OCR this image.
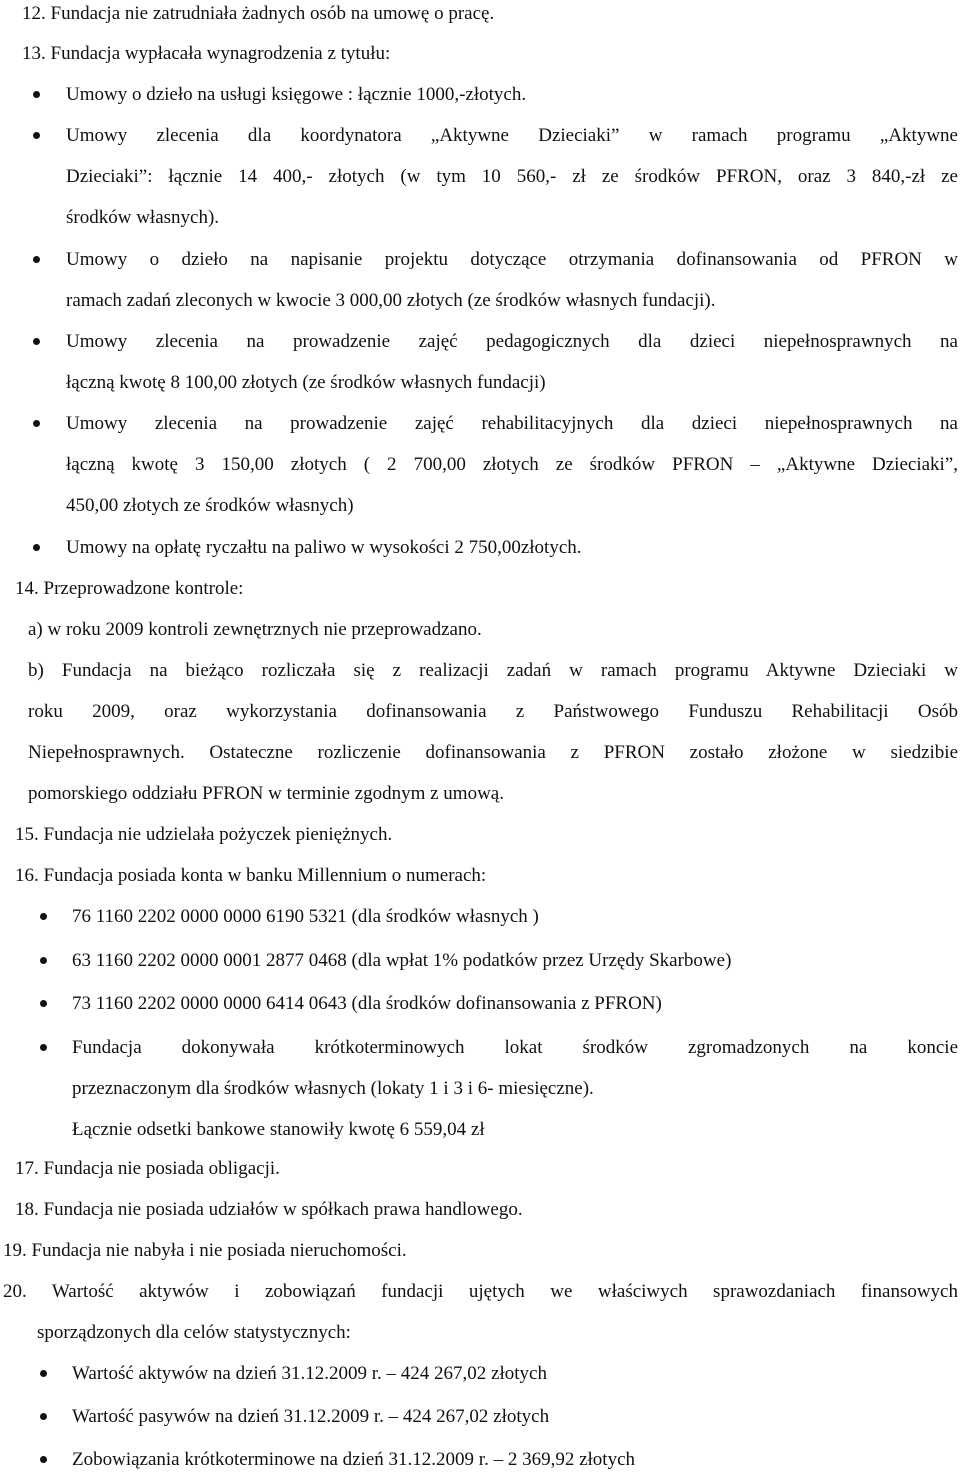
12. Fundacja nie zatrudniała żadnych osób na umowę o pracę.
13. Fundacja wypłacała wynagrodzenia z tytułu:
Umowy o dzieło na usługi księgowe : łącznie 1000,-złotych.
Umowy zlecenia dla koordynatora „Aktywne Dzieciaki” w ramach programu „Aktywne
Dzieciaki”: łącznie 14 400,- złotych (w tym 10 560,- zł ze środków PFRON, oraz 3 840,-zł ze
środków własnych).
Umowy o dzieło na napisanie projektu dotyczące otrzymania dofinansowania od PFRON w
ramach zadań zleconych w kwocie 3 000,00 złotych (ze środków własnych fundacji).
Umowy zlecenia na prowadzenie zajęć pedagogicznych dla dzieci niepełnosprawnych na
łączną kwotę 8 100,00 złotych (ze środków własnych fundacji)
Umowy zlecenia na prowadzenie zajęć rehabilitacyjnych dla dzieci niepełnosprawnych na
łączną kwotę 3 150,00 złotych ( 2 700,00 złotych ze środków PFRON – „Aktywne Dzieciaki”,
450,00 złotych ze środków własnych)
Umowy na opłatę ryczałtu na paliwo w wysokości 2 750,00złotych.
14. Przeprowadzone kontrole:
a) w roku 2009 kontroli zewnętrznych nie przeprowadzano.
b) Fundacja na bieżąco rozliczała się z realizacji zadań w ramach programu Aktywne Dzieciaki w
roku 2009, oraz wykorzystania dofinansowania z Państwowego Funduszu Rehabilitacji Osób
Niepełnosprawnych. Ostateczne rozliczenie dofinansowania z PFRON zostało złożone w siedzibie
pomorskiego oddziału PFRON w terminie zgodnym z umową.
15. Fundacja nie udzielała pożyczek pieniężnych.
16. Fundacja posiada konta w banku Millennium o numerach:
76 1160 2202 0000 0000 6190 5321 (dla środków własnych )
63 1160 2202 0000 0001 2877 0468 (dla wpłat 1% podatków przez Urzędy Skarbowe)
73 1160 2202 0000 0000 6414 0643 (dla środków dofinansowania z PFRON)
Fundacja dokonywała krótkoterminowych lokat środków zgromadzonych na koncie
przeznaczonym dla środków własnych (lokaty 1 i 3 i 6- miesięczne).
Łącznie odsetki bankowe stanowiły kwotę 6 559,04 zł
17. Fundacja nie posiada obligacji.
18. Fundacja nie posiada udziałów w spółkach prawa handlowego.
19. Fundacja nie nabyła i nie posiada nieruchomości.
20. Wartość aktywów i zobowiązań fundacji ujętych we właściwych sprawozdaniach finansowych
sporządzonych dla celów statystycznych:
Wartość aktywów na dzień 31.12.2009 r. – 424 267,02 złotych
Wartość pasywów na dzień 31.12.2009 r. – 424 267,02 złotych
Zobowiązania krótkoterminowe na dzień 31.12.2009 r. – 2 369,92 złotych
